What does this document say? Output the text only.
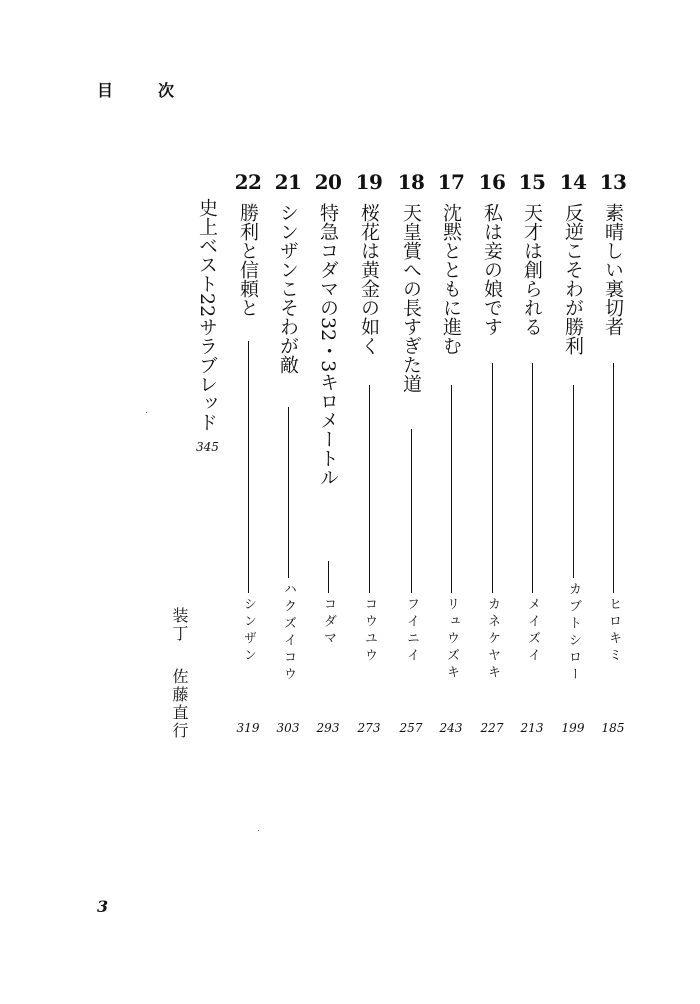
目	次
史上ベスト22サラブレッド
345
13
素晴しい裏切者
ヒロキミ
185
14
反逆こそわが勝利
カブトシロー
199
15
天才は創られる
メイズイ
213
16
私は妾の娘です
カネケヤキ
227
17
沈黙とともに進む
リュウズキ
243
18
天皇賞への長すぎた道
フイニイ
257
19
桜花は黄金の如く
コウユウ
273
20
特急コダマの32・3キロメートル
コダマ
293
21
シンザンこそわが敵
ハクズイコウ
303
22
勝利と信頼と
シンザン
319
装丁
佐藤直行
3
